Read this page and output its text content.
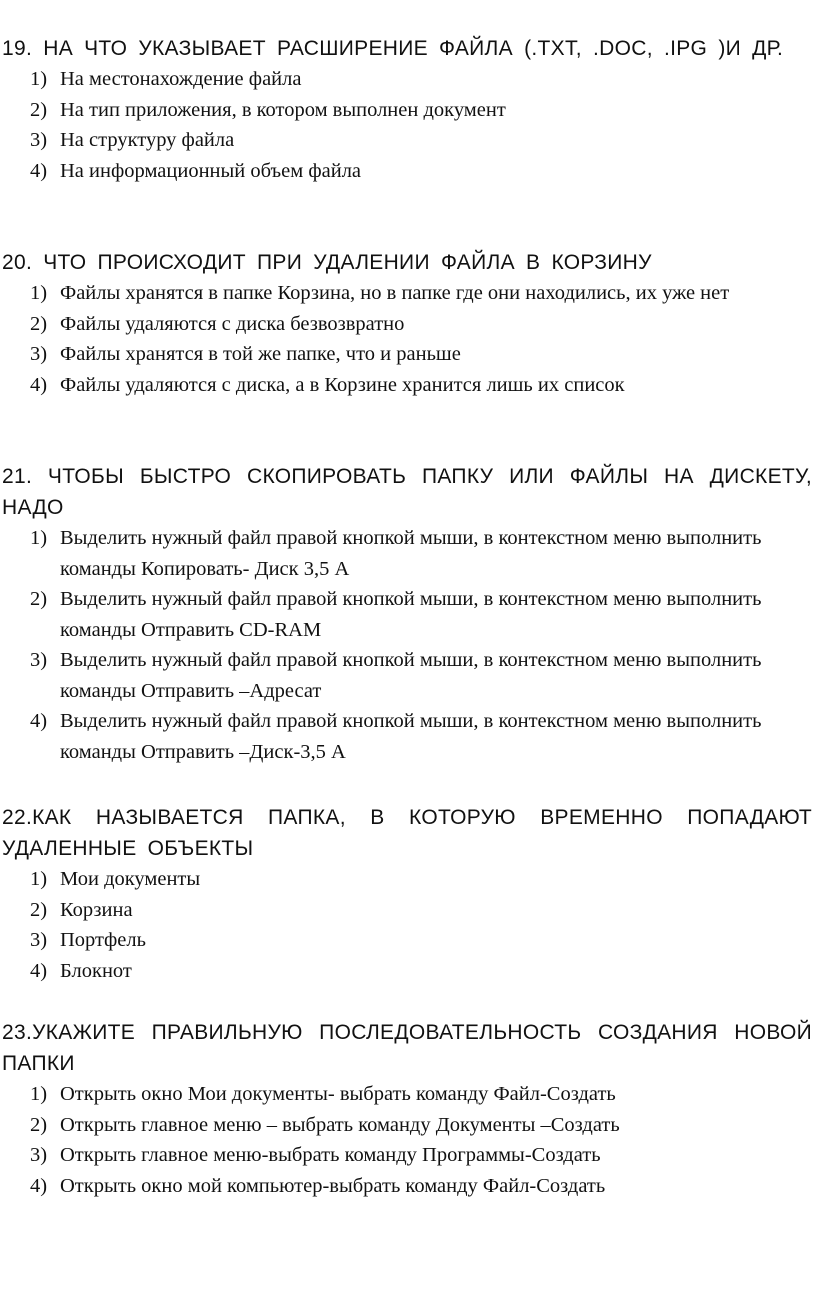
19. НА ЧТО УКАЗЫВАЕТ РАСШИРЕНИЕ ФАЙЛА (.TXT, .DOC, .IPG )И ДР.

1) На местонахождение файла
2) На тип приложения, в котором выполнен документ
3) На структуру файла
4) На информационный объем файла

20. ЧТО ПРОИСХОДИТ ПРИ УДАЛЕНИИ ФАЙЛА В КОРЗИНУ

1) Файлы хранятся в папке Корзина, но в папке где они находились, их уже нет
2) Файлы удаляются с диска безвозвратно
3) Файлы хранятся в той же папке, что и раньше
4) Файлы удаляются с диска, а в Корзине хранится лишь их список

21. ЧТОБЫ БЫСТРО СКОПИРОВАТЬ ПАПКУ ИЛИ ФАЙЛЫ НА ДИСКЕТУ, НАДО

1) Выделить нужный файл правой кнопкой мыши, в контекстном меню выполнить команды Копировать- Диск 3,5 А
2) Выделить нужный файл правой кнопкой мыши, в контекстном меню выполнить команды Отправить CD-RAM
3) Выделить нужный файл правой кнопкой мыши, в контекстном меню выполнить команды Отправить –Адресат
4) Выделить нужный файл правой кнопкой мыши, в контекстном меню выполнить команды Отправить –Диск-3,5 А

22.КАК НАЗЫВАЕТСЯ ПАПКА, В КОТОРУЮ ВРЕМЕННО ПОПАДАЮТ УДАЛЕННЫЕ ОБЪЕКТЫ

1) Мои документы
2) Корзина
3) Портфель
4) Блокнот

23.УКАЖИТЕ ПРАВИЛЬНУЮ ПОСЛЕДОВАТЕЛЬНОСТЬ СОЗДАНИЯ НОВОЙ ПАПКИ

1) Открыть окно Мои документы- выбрать команду Файл-Создать
2) Открыть главное меню – выбрать команду Документы –Создать
3) Открыть главное меню-выбрать команду Программы-Создать
4) Открыть окно мой компьютер-выбрать команду Файл-Создать
